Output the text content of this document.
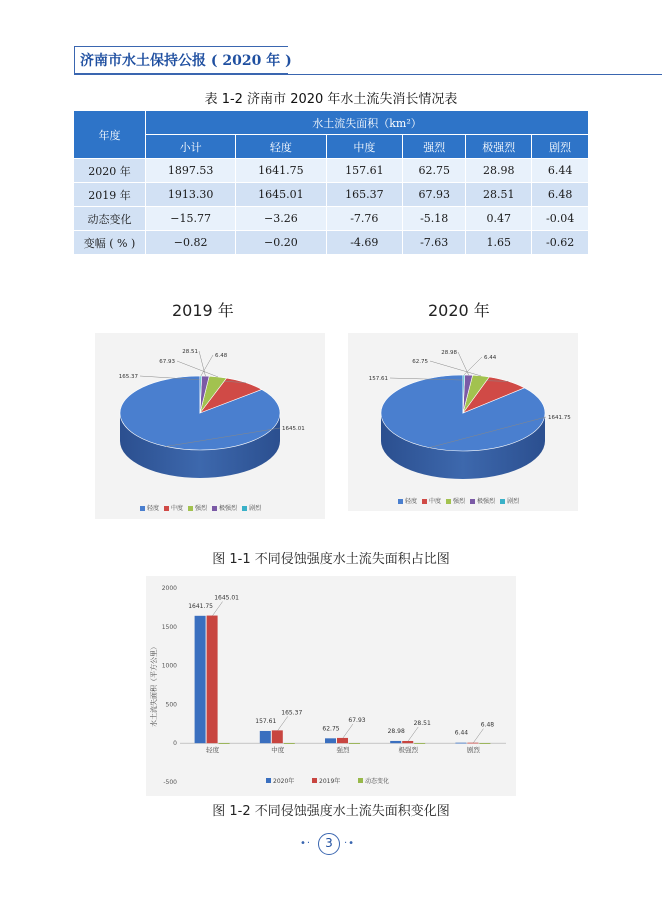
济南市水土保持公报 ( 2020 年 )
表 1-2 济南市 2020 年水土流失消长情况表
年度	水土流失面积（km²）					
	小计	轻度	中度	强烈	极强烈	剧烈
2020 年	1897.53	1641.75	157.61	62.75	28.98	6.44
2019 年	1913.30	1645.01	165.37	67.93	28.51	6.48
动态变化	−15.77	−3.26	-7.76	-5.18	0.47	-0.04
变幅 ( % )	−0.82	−0.20	-4.69	-7.63	1.65	-0.62
2019 年	2020 年
1645.01
165.37
67.93
28.51
6.48
轻度 中度 强烈 极强烈 剧烈
1641.75
157.61
62.75
28.98
6.44
轻度 中度 强烈 极强烈 剧烈
图 1-1 不同侵蚀强度水土流失面积占比图
-500
0
500
1000
1500
2000
水土流失面积（平方公里）
1641.75
1645.01
轻度
157.61
165.37
中度
62.75
67.93
强烈
28.98
28.51
极强烈
6.44
6.48
剧烈
2020年	2019年	动态变化
图 1-2 不同侵蚀强度水土流失面积变化图
•·	3	·•
